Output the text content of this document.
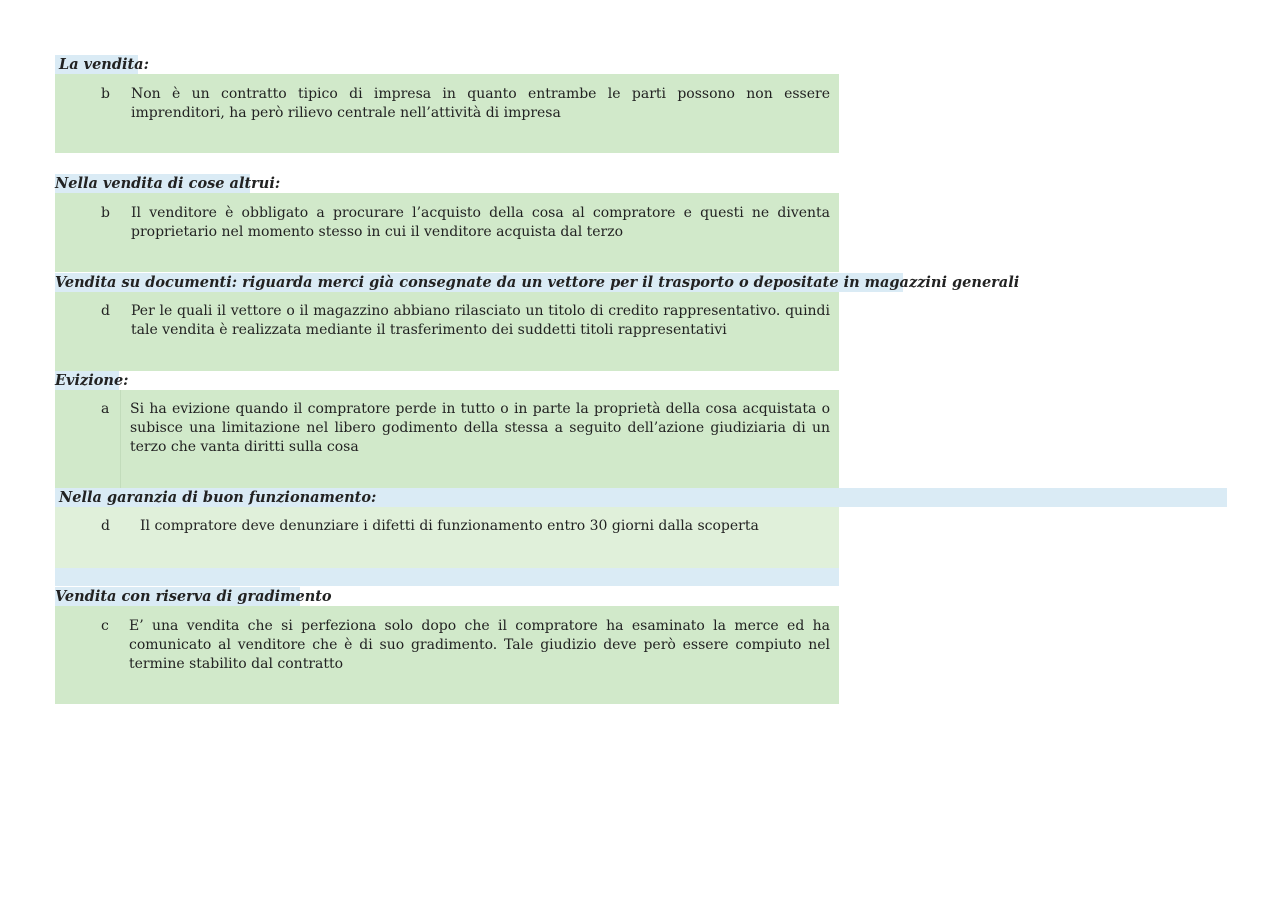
La vendita:
b Non è un contratto tipico di impresa in quanto entrambe le parti possono non essere imprenditori, ha però rilievo centrale nell’attività di impresa

Nella vendita di cose altrui:
b Il venditore è obbligato a procurare l’acquisto della cosa al compratore e questi ne diventa proprietario nel momento stesso in cui il venditore acquista dal terzo

Vendita su documenti: riguarda merci già consegnate da un vettore per il trasporto o depositate in magazzini generali
d Per le quali il vettore o il magazzino abbiano rilasciato un titolo di credito rappresentativo. quindi tale vendita è realizzata mediante il trasferimento dei suddetti titoli rappresentativi

Evizione:
a Si ha evizione quando il compratore perde in tutto o in parte la proprietà della cosa acquistata o subisce una limitazione nel libero godimento della stessa a seguito dell’azione giudiziaria di un terzo che vanta diritti sulla cosa

Nella garanzia di buon funzionamento:
d Il compratore deve denunziare i difetti di funzionamento entro 30 giorni dalla scoperta

Vendita con riserva di gradimento
c E’ una vendita che si perfeziona solo dopo che il compratore ha esaminato la merce ed ha comunicato al venditore che è di suo gradimento. Tale giudizio deve però essere compiuto nel termine stabilito dal contratto
